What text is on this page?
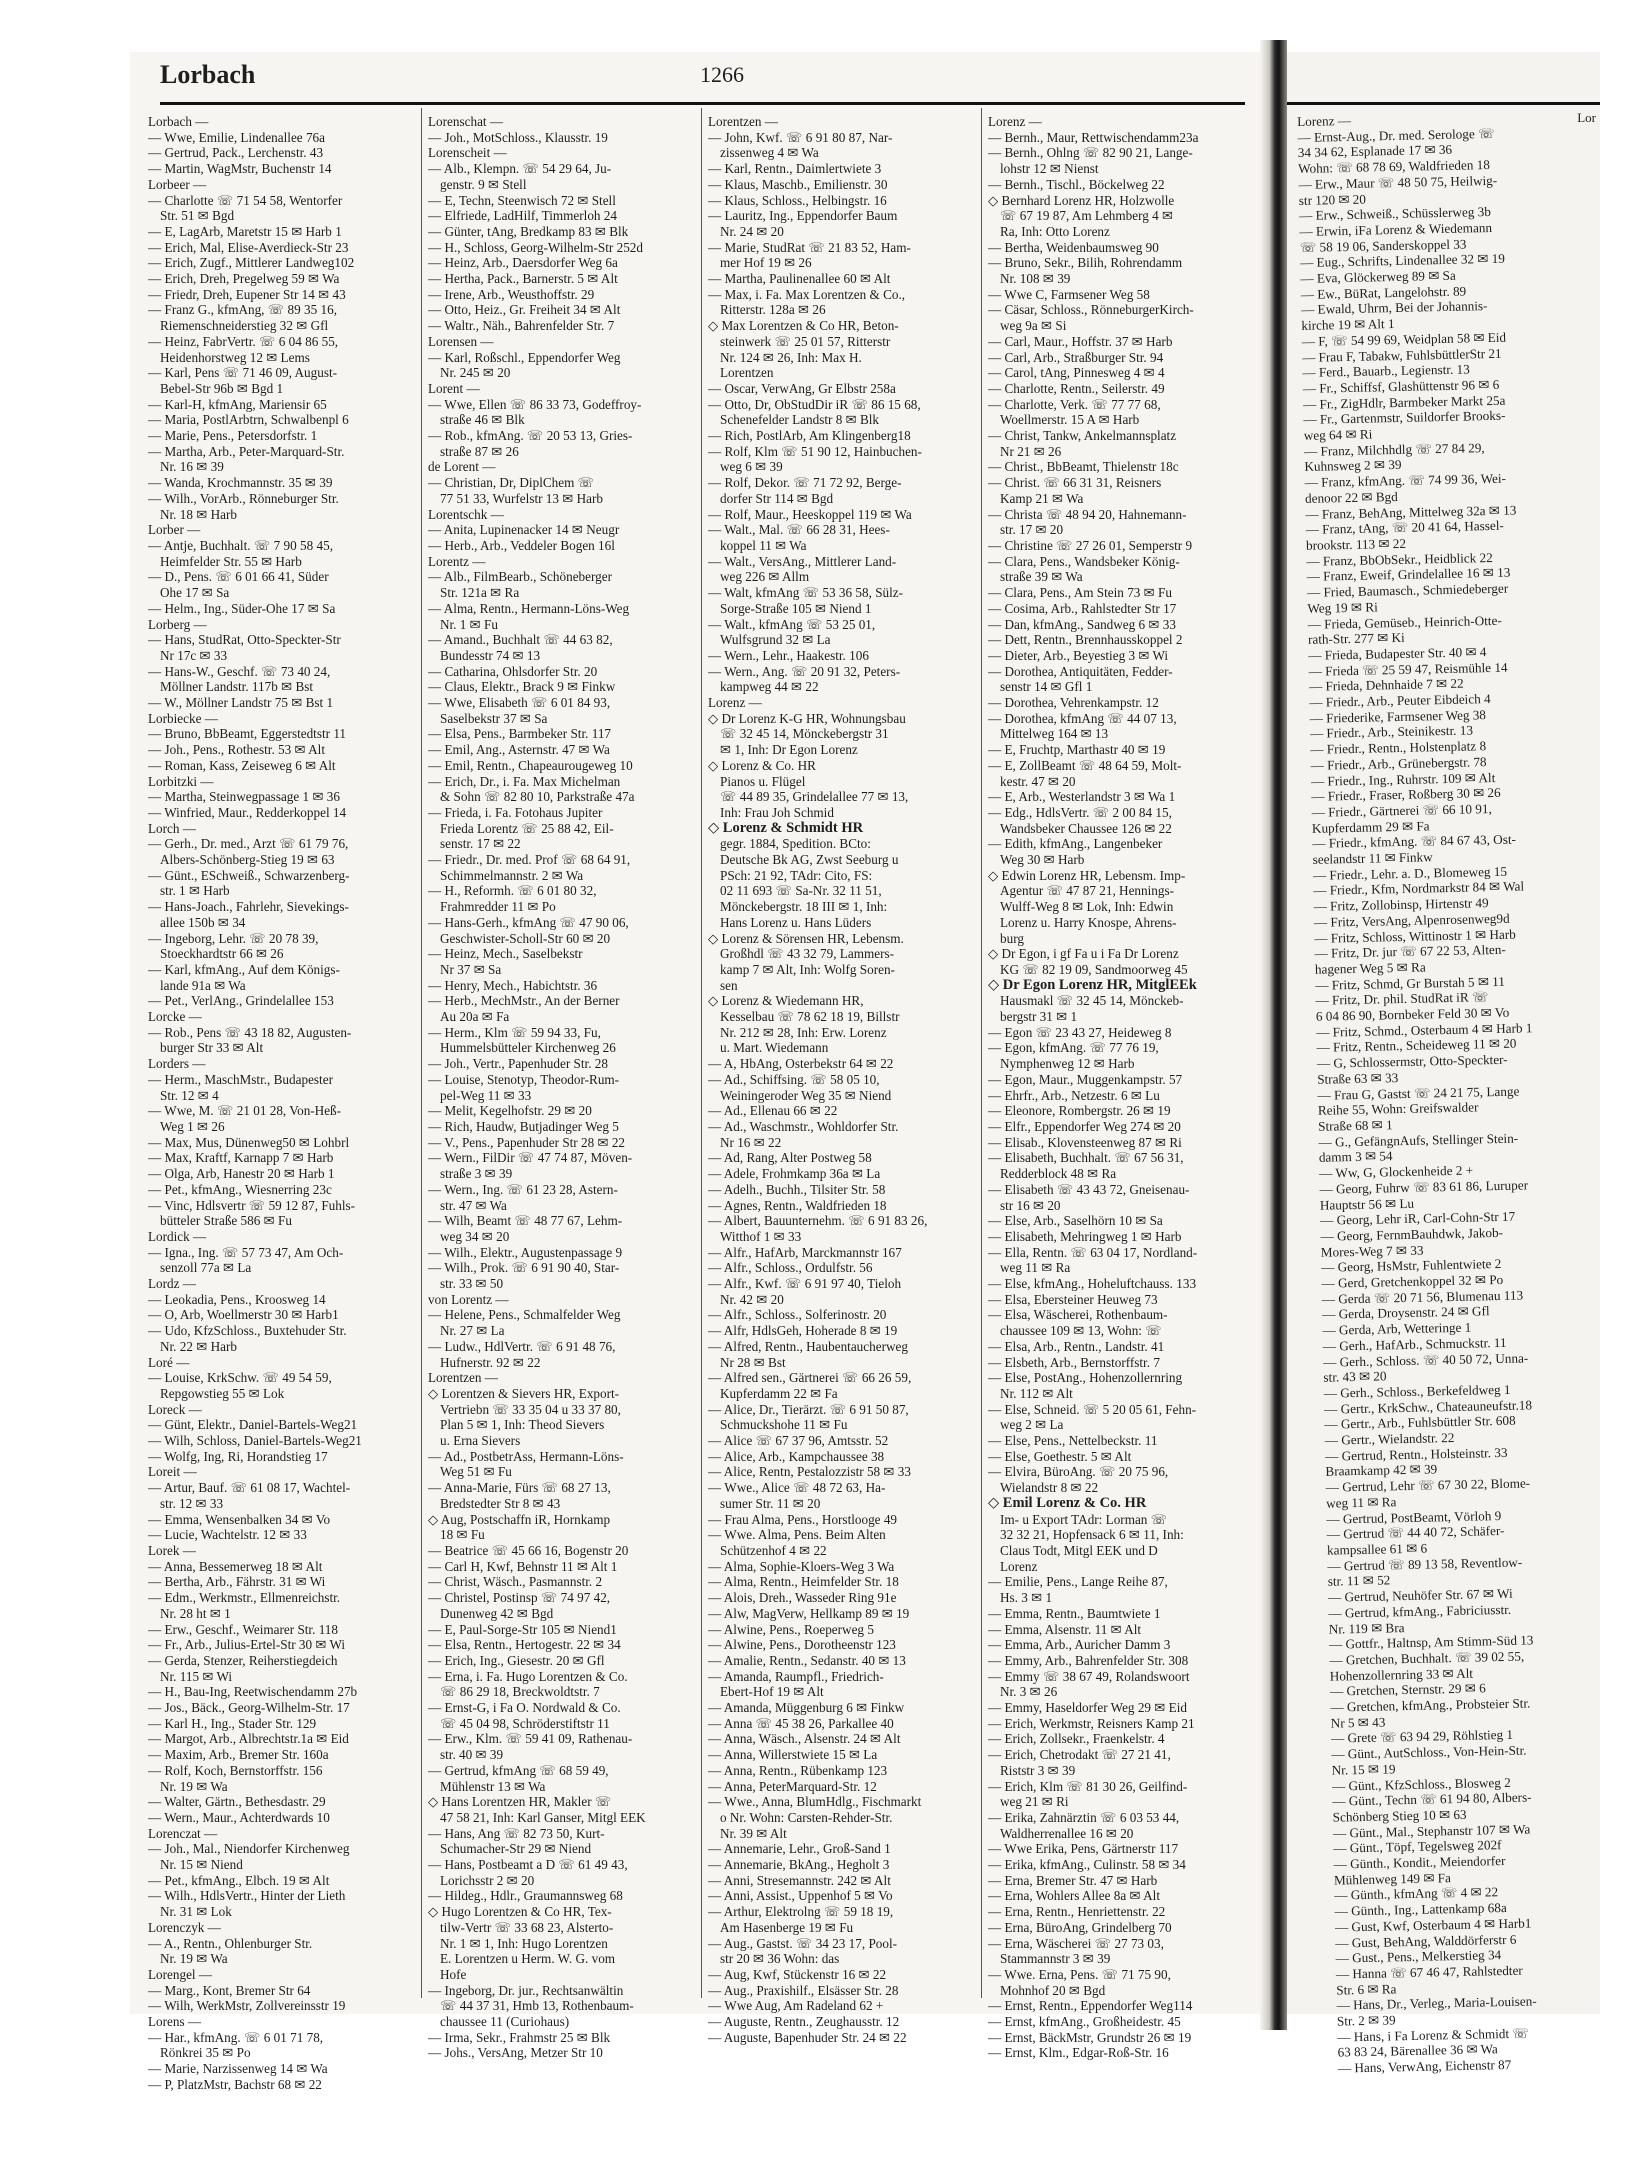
Lorbach	1266
Lorbach —
— Wwe, Emilie, Lindenallee 76a
— Gertrud, Pack., Lerchenstr. 43
— Martin, WagMstr, Buchenstr 14
Lorbeer —
— Charlotte ☏ 71 54 58, Wentorfer
Str. 51 ✉ Bgd
— E, LagArb, Maretstr 15 ✉ Harb 1
— Erich, Mal, Elise-Averdieck-Str 23
— Erich, Zugf., Mittlerer Landweg102
— Erich, Dreh, Pregelweg 59 ✉ Wa
— Friedr, Dreh, Eupener Str 14 ✉ 43
— Franz G., kfmAng, ☏ 89 35 16,
Riemenschneiderstieg 32 ✉ Gfl
— Heinz, FabrVertr. ☏ 6 04 86 55,
Heidenhorstweg 12 ✉ Lems
— Karl, Pens ☏ 71 46 09, August-
Bebel-Str 96b ✉ Bgd 1
— Karl-H, kfmAng, Mariensir 65
— Maria, PostlArbtrn, Schwalbenpl 6
— Marie, Pens., Petersdorfstr. 1
— Martha, Arb., Peter-Marquard-Str.
Nr. 16 ✉ 39
— Wanda, Krochmannstr. 35 ✉ 39
— Wilh., VorArb., Rönneburger Str.
Nr. 18 ✉ Harb
Lorber —
— Antje, Buchhalt. ☏ 7 90 58 45,
Heimfelder Str. 55 ✉ Harb
— D., Pens. ☏ 6 01 66 41, Süder
Ohe 17 ✉ Sa
— Helm., Ing., Süder-Ohe 17 ✉ Sa
Lorberg —
— Hans, StudRat, Otto-Speckter-Str
Nr 17c ✉ 33
— Hans-W., Geschf. ☏ 73 40 24,
Möllner Landstr. 117b ✉ Bst
— W., Möllner Landstr 75 ✉ Bst 1
Lorbiecke —
— Bruno, BbBeamt, Eggerstedtstr 11
— Joh., Pens., Rothestr. 53 ✉ Alt
— Roman, Kass, Zeiseweg 6 ✉ Alt
Lorbitzki —
— Martha, Steinwegpassage 1 ✉ 36
— Winfried, Maur., Redderkoppel 14
Lorch —
— Gerh., Dr. med., Arzt ☏ 61 79 76,
Albers-Schönberg-Stieg 19 ✉ 63
— Günt., ESchweiß., Schwarzenberg-
str. 1 ✉ Harb
— Hans-Joach., Fahrlehr, Sievekings-
allee 150b ✉ 34
— Ingeborg, Lehr. ☏ 20 78 39,
Stoeckhardtstr 66 ✉ 26
— Karl, kfmAng., Auf dem Königs-
lande 91a ✉ Wa
— Pet., VerlAng., Grindelallee 153
Lorcke —
— Rob., Pens ☏ 43 18 82, Augusten-
burger Str 33 ✉ Alt
Lorders —
— Herm., MaschMstr., Budapester
Str. 12 ✉ 4
— Wwe, M. ☏ 21 01 28, Von-Heß-
Weg 1 ✉ 26
— Max, Mus, Dünenweg50 ✉ Lohbrl
— Max, Kraftf, Karnapp 7 ✉ Harb
— Olga, Arb, Hanestr 20 ✉ Harb 1
— Pet., kfmAng., Wiesnerring 23c
— Vinc, Hdlsvertr ☏ 59 12 87, Fuhls-
bütteler Straße 586 ✉ Fu
Lordick —
— Igna., Ing. ☏ 57 73 47, Am Och-
senzoll 77a ✉ La
Lordz —
— Leokadia, Pens., Kroosweg 14
— O, Arb, Woellmerstr 30 ✉ Harb1
— Udo, KfzSchloss., Buxtehuder Str.
Nr. 22 ✉ Harb
Loré —
— Louise, KrkSchw. ☏ 49 54 59,
Repgowstieg 55 ✉ Lok
Loreck —
— Günt, Elektr., Daniel-Bartels-Weg21
— Wilh, Schloss, Daniel-Bartels-Weg21
— Wolfg, Ing, Ri, Horandstieg 17
Loreit —
— Artur, Bauf. ☏ 61 08 17, Wachtel-
str. 12 ✉ 33
— Emma, Wensenbalken 34 ✉ Vo
— Lucie, Wachtelstr. 12 ✉ 33
Lorek —
— Anna, Bessemerweg 18 ✉ Alt
— Bertha, Arb., Fährstr. 31 ✉ Wi
— Edm., Werkmstr., Ellmenreichstr.
Nr. 28 ht ✉ 1
— Erw., Geschf., Weimarer Str. 118
— Fr., Arb., Julius-Ertel-Str 30 ✉ Wi
— Gerda, Stenzer, Reiherstiegdeich
Nr. 115 ✉ Wi
— H., Bau-Ing, Reetwischendamm 27b
— Jos., Bäck., Georg-Wilhelm-Str. 17
— Karl H., Ing., Stader Str. 129
— Margot, Arb., Albrechtstr.1a ✉ Eid
— Maxim, Arb., Bremer Str. 160a
— Rolf, Koch, Bernstorffstr. 156
Nr. 19 ✉ Wa
— Walter, Gärtn., Bethesdastr. 29
— Wern., Maur., Achterdwards 10
Lorenczat —
— Joh., Mal., Niendorfer Kirchenweg
Nr. 15 ✉ Niend
— Pet., kfmAng., Elbch. 19 ✉ Alt
— Wilh., HdlsVertr., Hinter der Lieth
Nr. 31 ✉ Lok
Lorenczyk —
— A., Rentn., Ohlenburger Str.
Nr. 19 ✉ Wa
Lorengel —
— Marg., Kont, Bremer Str 64
— Wilh, WerkMstr, Zollvereinsstr 19
Lorens —
— Har., kfmAng. ☏ 6 01 71 78,
Rönkrei 35 ✉ Po
— Marie, Narzissenweg 14 ✉ Wa
— P, PlatzMstr, Bachstr 68 ✉ 22
Lorenschat —
— Joh., MotSchloss., Klausstr. 19
Lorenscheit —
— Alb., Klempn. ☏ 54 29 64, Ju-
genstr. 9 ✉ Stell
— E, Techn, Steenwisch 72 ✉ Stell
— Elfriede, LadHilf, Timmerloh 24
— Günter, tAng, Bredkamp 83 ✉ Blk
— H., Schloss, Georg-Wilhelm-Str 252d
— Heinz, Arb., Daersdorfer Weg 6a
— Hertha, Pack., Barnerstr. 5 ✉ Alt
— Irene, Arb., Weusthoffstr. 29
— Otto, Heiz., Gr. Freiheit 34 ✉ Alt
— Waltr., Näh., Bahrenfelder Str. 7
Lorensen —
— Karl, Roßschl., Eppendorfer Weg
Nr. 245 ✉ 20
Lorent —
— Wwe, Ellen ☏ 86 33 73, Godeffroy-
straße 46 ✉ Blk
— Rob., kfmAng. ☏ 20 53 13, Gries-
straße 87 ✉ 26
de Lorent —
— Christian, Dr, DiplChem ☏
77 51 33, Wurfelstr 13 ✉ Harb
Lorentschk —
— Anita, Lupinenacker 14 ✉ Neugr
— Herb., Arb., Veddeler Bogen 16l
Lorentz —
— Alb., FilmBearb., Schöneberger
Str. 121a ✉ Ra
— Alma, Rentn., Hermann-Löns-Weg
Nr. 1 ✉ Fu
— Amand., Buchhalt ☏ 44 63 82,
Bundesstr 74 ✉ 13
— Catharina, Ohlsdorfer Str. 20
— Claus, Elektr., Brack 9 ✉ Finkw
— Wwe, Elisabeth ☏ 6 01 84 93,
Saselbekstr 37 ✉ Sa
— Elsa, Pens., Barmbeker Str. 117
— Emil, Ang., Asternstr. 47 ✉ Wa
— Emil, Rentn., Chapeaurougeweg 10
— Erich, Dr., i. Fa. Max Michelman
& Sohn ☏ 82 80 10, Parkstraße 47a
— Frieda, i. Fa. Fotohaus Jupiter
Frieda Lorentz ☏ 25 88 42, Eil-
senstr. 17 ✉ 22
— Friedr., Dr. med. Prof ☏ 68 64 91,
Schimmelmannstr. 2 ✉ Wa
— H., Reformh. ☏ 6 01 80 32,
Frahmredder 11 ✉ Po
— Hans-Gerh., kfmAng ☏ 47 90 06,
Geschwister-Scholl-Str 60 ✉ 20
— Heinz, Mech., Saselbekstr
Nr 37 ✉ Sa
— Henry, Mech., Habichtstr. 36
— Herb., MechMstr., An der Berner
Au 20a ✉ Fa
— Herm., Klm ☏ 59 94 33, Fu,
Hummelsbütteler Kirchenweg 26
— Joh., Vertr., Papenhuder Str. 28
— Louise, Stenotyp, Theodor-Rum-
pel-Weg 11 ✉ 33
— Melit, Kegelhofstr. 29 ✉ 20
— Rich, Haudw, Butjadinger Weg 5
— V., Pens., Papenhuder Str 28 ✉ 22
— Wern., FilDir ☏ 47 74 87, Möven-
straße 3 ✉ 39
— Wern., Ing. ☏ 61 23 28, Astern-
str. 47 ✉ Wa
— Wilh, Beamt ☏ 48 77 67, Lehm-
weg 34 ✉ 20
— Wilh., Elektr., Augustenpassage 9
— Wilh., Prok. ☏ 6 91 90 40, Star-
str. 33 ✉ 50
von Lorentz —
— Helene, Pens., Schmalfelder Weg
Nr. 27 ✉ La
— Ludw., HdlVertr. ☏ 6 91 48 76,
Hufnerstr. 92 ✉ 22
Lorentzen —
◇ Lorentzen & Sievers HR, Export-
Vertriebn ☏ 33 35 04 u 33 37 80,
Plan 5 ✉ 1, Inh: Theod Sievers
u. Erna Sievers
— Ad., PostbetrAss, Hermann-Löns-
Weg 51 ✉ Fu
— Anna-Marie, Fürs ☏ 68 27 13,
Bredstedter Str 8 ✉ 43
◇ Aug, Postschaffn iR, Hornkamp
18 ✉ Fu
— Beatrice ☏ 45 66 16, Bogenstr 20
— Carl H, Kwf, Behnstr 11 ✉ Alt 1
— Christ, Wäsch., Pasmannstr. 2
— Christel, Postinsp ☏ 74 97 42,
Dunenweg 42 ✉ Bgd
— E, Paul-Sorge-Str 105 ✉ Niend1
— Elsa, Rentn., Hertogestr. 22 ✉ 34
— Erich, Ing., Giesestr. 20 ✉ Gfl
— Erna, i. Fa. Hugo Lorentzen & Co.
☏ 86 29 18, Breckwoldtstr. 7
— Ernst-G, i Fa O. Nordwald & Co.
☏ 45 04 98, Schröderstiftstr 11
— Erw., Klm. ☏ 59 41 09, Rathenau-
str. 40 ✉ 39
— Gertrud, kfmAng ☏ 68 59 49,
Mühlenstr 13 ✉ Wa
◇ Hans Lorentzen HR, Makler ☏
47 58 21, Inh: Karl Ganser, Mitgl EEK
— Hans, Ang ☏ 82 73 50, Kurt-
Schumacher-Str 29 ✉ Niend
— Hans, Postbeamt a D ☏ 61 49 43,
Lorichsstr 2 ✉ 20
— Hildeg., Hdlr., Graumannsweg 68
◇ Hugo Lorentzen & Co HR, Tex-
tilw-Vertr ☏ 33 68 23, Alsterto-
Nr. 1 ✉ 1, Inh: Hugo Lorentzen
E. Lorentzen u Herm. W. G. vom
Hofe
— Ingeborg, Dr. jur., Rechtsanwältin
☏ 44 37 31, Hmb 13, Rothenbaum-
chaussee 11 (Curiohaus)
— Irma, Sekr., Frahmstr 25 ✉ Blk
— Johs., VersAng, Metzer Str 10
Lorentzen —
— John, Kwf. ☏ 6 91 80 87, Nar-
zissenweg 4 ✉ Wa
— Karl, Rentn., Daimlertwiete 3
— Klaus, Maschb., Emilienstr. 30
— Klaus, Schloss., Helbingstr. 16
— Lauritz, Ing., Eppendorfer Baum
Nr. 24 ✉ 20
— Marie, StudRat ☏ 21 83 52, Ham-
mer Hof 19 ✉ 26
— Martha, Paulinenallee 60 ✉ Alt
— Max, i. Fa. Max Lorentzen & Co.,
Ritterstr. 128a ✉ 26
◇ Max Lorentzen & Co HR, Beton-
steinwerk ☏ 25 01 57, Ritterstr
Nr. 124 ✉ 26, Inh: Max H.
Lorentzen
— Oscar, VerwAng, Gr Elbstr 258a
— Otto, Dr, ObStudDir iR ☏ 86 15 68,
Schenefelder Landstr 8 ✉ Blk
— Rich, PostlArb, Am Klingenberg18
— Rolf, Klm ☏ 51 90 12, Hainbuchen-
weg 6 ✉ 39
— Rolf, Dekor. ☏ 71 72 92, Berge-
dorfer Str 114 ✉ Bgd
— Rolf, Maur., Heeskoppel 119 ✉ Wa
— Walt., Mal. ☏ 66 28 31, Hees-
koppel 11 ✉ Wa
— Walt., VersAng., Mittlerer Land-
weg 226 ✉ Allm
— Walt, kfmAng ☏ 53 36 58, Sülz-
Sorge-Straße 105 ✉ Niend 1
— Walt., kfmAng ☏ 53 25 01,
Wulfsgrund 32 ✉ La
— Wern., Lehr., Haakestr. 106
— Wern., Ang. ☏ 20 91 32, Peters-
kampweg 44 ✉ 22
Lorenz —
◇ Dr Lorenz K-G HR, Wohnungsbau
☏ 32 45 14, Mönckebergstr 31
✉ 1, Inh: Dr Egon Lorenz
◇ Lorenz & Co. HR
Pianos u. Flügel
☏ 44 89 35, Grindelallee 77 ✉ 13,
Inh: Frau Joh Schmid
◇ Lorenz & Schmidt HR
gegr. 1884, Spedition. BCto:
Deutsche Bk AG, Zwst Seeburg u
PSch: 21 92, TAdr: Cito, FS:
02 11 693 ☏ Sa-Nr. 32 11 51,
Mönckebergstr. 18 III ✉ 1, Inh:
Hans Lorenz u. Hans Lüders
◇ Lorenz & Sörensen HR, Lebensm.
Großhdl ☏ 43 32 79, Lammers-
kamp 7 ✉ Alt, Inh: Wolfg Soren-
sen
◇ Lorenz & Wiedemann HR,
Kesselbau ☏ 78 62 18 19, Billstr
Nr. 212 ✉ 28, Inh: Erw. Lorenz
u. Mart. Wiedemann
— A, HbAng, Osterbekstr 64 ✉ 22
— Ad., Schiffsing. ☏ 58 05 10,
Weiningeroder Weg 35 ✉ Niend
— Ad., Ellenau 66 ✉ 22
— Ad., Waschmstr., Wohldorfer Str.
Nr 16 ✉ 22
— Ad, Rang, Alter Postweg 58
— Adele, Frohmkamp 36a ✉ La
— Adelh., Buchh., Tilsiter Str. 58
— Agnes, Rentn., Waldfrieden 18
— Albert, Bauunternehm. ☏ 6 91 83 26,
Witthof 1 ✉ 33
— Alfr., HafArb, Marckmannstr 167
— Alfr., Schloss., Ordulfstr. 56
— Alfr., Kwf. ☏ 6 91 97 40, Tieloh
Nr. 42 ✉ 20
— Alfr., Schloss., Solferinostr. 20
— Alfr, HdlsGeh, Hoherade 8 ✉ 19
— Alfred, Rentn., Haubentaucherweg
Nr 28 ✉ Bst
— Alfred sen., Gärtnerei ☏ 66 26 59,
Kupferdamm 22 ✉ Fa
— Alice, Dr., Tierärzt. ☏ 6 91 50 87,
Schmuckshohe 11 ✉ Fu
— Alice ☏ 67 37 96, Amtsstr. 52
— Alice, Arb., Kampchaussee 38
— Alice, Rentn, Pestalozzistr 58 ✉ 33
— Wwe., Alice ☏ 48 72 63, Ha-
sumer Str. 11 ✉ 20
— Frau Alma, Pens., Horstlooge 49
— Wwe. Alma, Pens. Beim Alten
Schützenhof 4 ✉ 22
— Alma, Sophie-Kloers-Weg 3 Wa
— Alma, Rentn., Heimfelder Str. 18
— Alois, Dreh., Wasseder Ring 91e
— Alw, MagVerw, Hellkamp 89 ✉ 19
— Alwine, Pens., Roeperweg 5
— Alwine, Pens., Dorotheenstr 123
— Amalie, Rentn., Sedanstr. 40 ✉ 13
— Amanda, Raumpfl., Friedrich-
Ebert-Hof 19 ✉ Alt
— Amanda, Müggenburg 6 ✉ Finkw
— Anna ☏ 45 38 26, Parkallee 40
— Anna, Wäsch., Alsenstr. 24 ✉ Alt
— Anna, Willerstwiete 15 ✉ La
— Anna, Rentn., Rübenkamp 123
— Anna, PeterMarquard-Str. 12
— Wwe., Anna, BlumHdlg., Fischmarkt
o Nr. Wohn: Carsten-Rehder-Str.
Nr. 39 ✉ Alt
— Annemarie, Lehr., Groß-Sand 1
— Annemarie, BkAng., Hegholt 3
— Anni, Stresemannstr. 242 ✉ Alt
— Anni, Assist., Uppenhof 5 ✉ Vo
— Arthur, Elektrolng ☏ 59 18 19,
Am Hasenberge 19 ✉ Fu
— Aug., Gastst. ☏ 34 23 17, Pool-
str 20 ✉ 36 Wohn: das
— Aug, Kwf, Stückenstr 16 ✉ 22
— Aug., Praxishilf., Elsässer Str. 28
— Wwe Aug, Am Radeland 62 +
— Auguste, Rentn., Zeughausstr. 12
— Auguste, Bapenhuder Str. 24 ✉ 22
Lorenz —
— Bernh., Maur, Rettwischendamm23a
— Bernh., Ohlng ☏ 82 90 21, Lange-
lohstr 12 ✉ Nienst
— Bernh., Tischl., Böckelweg 22
◇ Bernhard Lorenz HR, Holzwolle
☏ 67 19 87, Am Lehmberg 4 ✉
Ra, Inh: Otto Lorenz
— Bertha, Weidenbaumsweg 90
— Bruno, Sekr., Bilih, Rohrendamm
Nr. 108 ✉ 39
— Wwe C, Farmsener Weg 58
— Cäsar, Schloss., RönneburgerKirch-
weg 9a ✉ Si
— Carl, Maur., Hoffstr. 37 ✉ Harb
— Carl, Arb., Straßburger Str. 94
— Carol, tAng, Pinnesweg 4 ✉ 4
— Charlotte, Rentn., Seilerstr. 49
— Charlotte, Verk. ☏ 77 77 68,
Woellmerstr. 15 A ✉ Harb
— Christ, Tankw, Ankelmannsplatz
Nr 21 ✉ 26
— Christ., BbBeamt, Thielenstr 18c
— Christ. ☏ 66 31 31, Reisners
Kamp 21 ✉ Wa
— Christa ☏ 48 94 20, Hahnemann-
str. 17 ✉ 20
— Christine ☏ 27 26 01, Semperstr 9
— Clara, Pens., Wandsbeker König-
straße 39 ✉ Wa
— Clara, Pens., Am Stein 73 ✉ Fu
— Cosima, Arb., Rahlstedter Str 17
— Dan, kfmAng., Sandweg 6 ✉ 33
— Dett, Rentn., Brennhausskoppel 2
— Dieter, Arb., Beyestieg 3 ✉ Wi
— Dorothea, Antiquitäten, Fedder-
senstr 14 ✉ Gfl 1
— Dorothea, Vehrenkampstr. 12
— Dorothea, kfmAng ☏ 44 07 13,
Mittelweg 164 ✉ 13
— E, Fruchtp, Marthastr 40 ✉ 19
— E, ZollBeamt ☏ 48 64 59, Molt-
kestr. 47 ✉ 20
— E, Arb., Westerlandstr 3 ✉ Wa 1
— Edg., HdlsVertr. ☏ 2 00 84 15,
Wandsbeker Chaussee 126 ✉ 22
— Edith, kfmAng., Langenbeker
Weg 30 ✉ Harb
◇ Edwin Lorenz HR, Lebensm. Imp-
Agentur ☏ 47 87 21, Hennings-
Wulff-Weg 8 ✉ Lok, Inh: Edwin
Lorenz u. Harry Knospe, Ahrens-
burg
◇ Dr Egon, i gf Fa u i Fa Dr Lorenz
KG ☏ 82 19 09, Sandmoorweg 45
◇ Dr Egon Lorenz HR, MitglEEk
Hausmakl ☏ 32 45 14, Mönckeb-
bergstr 31 ✉ 1
— Egon ☏ 23 43 27, Heideweg 8
— Egon, kfmAng. ☏ 77 76 19,
Nymphenweg 12 ✉ Harb
— Egon, Maur., Muggenkampstr. 57
— Ehrfr., Arb., Netzestr. 6 ✉ Lu
— Eleonore, Rombergstr. 26 ✉ 19
— Elfr., Eppendorfer Weg 274 ✉ 20
— Elisab., Klovensteenweg 87 ✉ Ri
— Elisabeth, Buchhalt. ☏ 67 56 31,
Redderblock 48 ✉ Ra
— Elisabeth ☏ 43 43 72, Gneisenau-
str 16 ✉ 20
— Else, Arb., Saselhörn 10 ✉ Sa
— Elisabeth, Mehringweg 1 ✉ Harb
— Ella, Rentn. ☏ 63 04 17, Nordland-
weg 11 ✉ Ra
— Else, kfmAng., Hoheluftchauss. 133
— Elsa, Ebersteiner Heuweg 73
— Elsa, Wäscherei, Rothenbaum-
chaussee 109 ✉ 13, Wohn: ☏
— Elsa, Arb., Rentn., Landstr. 41
— Elsbeth, Arb., Bernstorffstr. 7
— Else, PostAng., Hohenzollernring
Nr. 112 ✉ Alt
— Else, Schneid. ☏ 5 20 05 61, Fehn-
weg 2 ✉ La
— Else, Pens., Nettelbeckstr. 11
— Else, Goethestr. 5 ✉ Alt
— Elvira, BüroAng. ☏ 20 75 96,
Wielandstr 8 ✉ 22
◇ Emil Lorenz & Co. HR
Im- u Export TAdr: Lorman ☏
32 32 21, Hopfensack 6 ✉ 11, Inh:
Claus Todt, Mitgl EEK und D
Lorenz
— Emilie, Pens., Lange Reihe 87,
Hs. 3 ✉ 1
— Emma, Rentn., Baumtwiete 1
— Emma, Alsenstr. 11 ✉ Alt
— Emma, Arb., Auricher Damm 3
— Emmy, Arb., Bahrenfelder Str. 308
— Emmy ☏ 38 67 49, Rolandswoort
Nr. 3 ✉ 26
— Emmy, Haseldorfer Weg 29 ✉ Eid
— Erich, Werkmstr, Reisners Kamp 21
— Erich, Zollsekr., Fraenkelstr. 4
— Erich, Chetrodakt ☏ 27 21 41,
Riststr 3 ✉ 39
— Erich, Klm ☏ 81 30 26, Geilfind-
weg 21 ✉ Ri
— Erika, Zahnärztin ☏ 6 03 53 44,
Waldherrenallee 16 ✉ 20
— Wwe Erika, Pens, Gärtnerstr 117
— Erika, kfmAng., Culinstr. 58 ✉ 34
— Erna, Bremer Str. 47 ✉ Harb
— Erna, Wohlers Allee 8a ✉ Alt
— Erna, Rentn., Henriettenstr. 22
— Erna, BüroAng, Grindelberg 70
— Erna, Wäscherei ☏ 27 73 03,
Stammannstr 3 ✉ 39
— Wwe. Erna, Pens. ☏ 71 75 90,
Mohnhof 20 ✉ Bgd
— Ernst, Rentn., Eppendorfer Weg114
— Ernst, kfmAng., Großheidestr. 45
— Ernst, BäckMstr, Grundstr 26 ✉ 19
— Ernst, Klm., Edgar-Roß-Str. 16
Lor
Lorenz —
— Ernst-Aug., Dr. med. Serologe ☏
34 34 62, Esplanade 17 ✉ 36
Wohn: ☏ 68 78 69, Waldfrieden 18
— Erw., Maur ☏ 48 50 75, Heilwig-
str 120 ✉ 20
— Erw., Schweiß., Schüsslerweg 3b
— Erwin, iFa Lorenz & Wiedemann
☏ 58 19 06, Sanderskoppel 33
— Eug., Schrifts, Lindenallee 32 ✉ 19
— Eva, Glöckerweg 89 ✉ Sa
— Ew., BüRat, Langelohstr. 89
— Ewald, Uhrm, Bei der Johannis-
kirche 19 ✉ Alt 1
— F, ☏ 54 99 69, Weidplan 58 ✉ Eid
— Frau F, Tabakw, FuhlsbüttlerStr 21
— Ferd., Bauarb., Legienstr. 13
— Fr., Schiffsf, Glashüttenstr 96 ✉ 6
— Fr., ZigHdlr, Barmbeker Markt 25a
— Fr., Gartenmstr, Suildorfer Brooks-
weg 64 ✉ Ri
— Franz, Milchhdlg ☏ 27 84 29,
Kuhnsweg 2 ✉ 39
— Franz, kfmAng. ☏ 74 99 36, Wei-
denoor 22 ✉ Bgd
— Franz, BehAng, Mittelweg 32a ✉ 13
— Franz, tAng, ☏ 20 41 64, Hassel-
brookstr. 113 ✉ 22
— Franz, BbObSekr., Heidblick 22
— Franz, Eweif, Grindelallee 16 ✉ 13
— Fried, Baumasch., Schmiedeberger
Weg 19 ✉ Ri
— Frieda, Gemüseb., Heinrich-Otte-
rath-Str. 277 ✉ Ki
— Frieda, Budapester Str. 40 ✉ 4
— Frieda ☏ 25 59 47, Reismühle 14
— Frieda, Dehnhaide 7 ✉ 22
— Friedr., Arb., Peuter Eibdeich 4
— Friederike, Farmsener Weg 38
— Friedr., Arb., Steinikestr. 13
— Friedr., Rentn., Holstenplatz 8
— Friedr., Arb., Grünebergstr. 78
— Friedr., Ing., Ruhrstr. 109 ✉ Alt
— Friedr., Fraser, Roßberg 30 ✉ 26
— Friedr., Gärtnerei ☏ 66 10 91,
Kupferdamm 29 ✉ Fa
— Friedr., kfmAng. ☏ 84 67 43, Ost-
seelandstr 11 ✉ Finkw
— Friedr., Lehr. a. D., Blomeweg 15
— Friedr., Kfm, Nordmarkstr 84 ✉ Wal
— Fritz, Zollobinsp, Hirtenstr 49
— Fritz, VersAng, Alpenrosenweg9d
— Fritz, Schloss, Wittinostr 1 ✉ Harb
— Fritz, Dr. jur ☏ 67 22 53, Alten-
hagener Weg 5 ✉ Ra
— Fritz, Schmd, Gr Burstah 5 ✉ 11
— Fritz, Dr. phil. StudRat iR ☏
6 04 86 90, Bornbeker Feld 30 ✉ Vo
— Fritz, Schmd., Osterbaum 4 ✉ Harb 1
— Fritz, Rentn., Scheideweg 11 ✉ 20
— G, Schlossermstr, Otto-Speckter-
Straße 63 ✉ 33
— Frau G, Gastst ☏ 24 21 75, Lange
Reihe 55, Wohn: Greifswalder
Straße 68 ✉ 1
— G., GefängnAufs, Stellinger Stein-
damm 3 ✉ 54
— Ww, G, Glockenheide 2 +
— Georg, Fuhrw ☏ 83 61 86, Luruper
Hauptstr 56 ✉ Lu
— Georg, Lehr iR, Carl-Cohn-Str 17
— Georg, FernmBauhdwk, Jakob-
Mores-Weg 7 ✉ 33
— Georg, HsMstr, Fuhlentwiete 2
— Gerd, Gretchenkoppel 32 ✉ Po
— Gerda ☏ 20 71 56, Blumenau 113
— Gerda, Droysenstr. 24 ✉ Gfl
— Gerda, Arb, Wetteringe 1
— Gerh., HafArb., Schmuckstr. 11
— Gerh., Schloss. ☏ 40 50 72, Unna-
str. 43 ✉ 20
— Gerh., Schloss., Berkefeldweg 1
— Gertr., KrkSchw., Chateauneufstr.18
— Gertr., Arb., Fuhlsbüttler Str. 608
— Gertr., Wielandstr. 22
— Gertrud, Rentn., Holsteinstr. 33
Braamkamp 42 ✉ 39
— Gertrud, Lehr ☏ 67 30 22, Blome-
weg 11 ✉ Ra
— Gertrud, PostBeamt, Vörloh 9
— Gertrud ☏ 44 40 72, Schäfer-
kampsallee 61 ✉ 6
— Gertrud ☏ 89 13 58, Reventlow-
str. 11 ✉ 52
— Gertrud, Neuhöfer Str. 67 ✉ Wi
— Gertrud, kfmAng., Fabriciusstr.
Nr. 119 ✉ Bra
— Gottfr., Haltnsp, Am Stimm-Süd 13
— Gretchen, Buchhalt. ☏ 39 02 55,
Hohenzollernring 33 ✉ Alt
— Gretchen, Sternstr. 29 ✉ 6
— Gretchen, kfmAng., Probsteier Str.
Nr 5 ✉ 43
— Grete ☏ 63 94 29, Röhlstieg 1
— Günt., AutSchloss., Von-Hein-Str.
Nr. 15 ✉ 19
— Günt., KfzSchloss., Blosweg 2
— Günt., Techn ☏ 61 94 80, Albers-
Schönberg Stieg 10 ✉ 63
— Günt., Mal., Stephanstr 107 ✉ Wa
— Günt., Töpf, Tegelsweg 202f
— Günth., Kondit., Meiendorfer
Mühlenweg 149 ✉ Fa
— Günth., kfmAng ☏ 4 ✉ 22
— Günth., Ing., Lattenkamp 68a
— Gust, Kwf, Osterbaum 4 ✉ Harb1
— Gust, BehAng, Walddörferstr 6
— Gust., Pens., Melkerstieg 34
— Hanna ☏ 67 46 47, Rahlstedter
Str. 6 ✉ Ra
— Hans, Dr., Verleg., Maria-Louisen-
Str. 2 ✉ 39
— Hans, i Fa Lorenz & Schmidt ☏
63 83 24, Bärenallee 36 ✉ Wa
— Hans, VerwAng, Eichenstr 87
